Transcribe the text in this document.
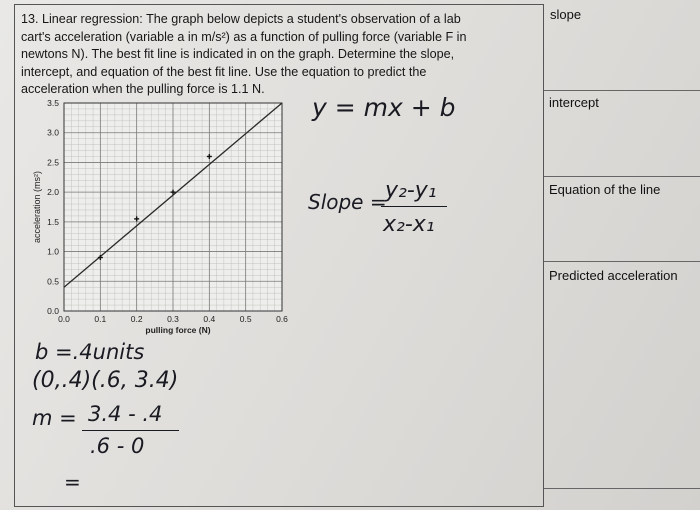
13. Linear regression: The graph below depicts a student's observation of a lab
cart's acceleration (variable a in m/s²) as a function of pulling force (variable F in
newtons N). The best fit line is indicated in on the graph. Determine the slope,
intercept, and equation of the best fit line. Use the equation to predict the
acceleration when the pulling force is 1.1 N.
slope
intercept
Equation of the line
Predicted acceleration
0.0	0.1	0.2	0.3	0.4	0.5	0.6
0.0
0.5
1.0
1.5
2.0
2.5
3.0
3.5
pulling force (N)
acceleration (ms²)
y = mx + b
Slope =
y₂-y₁
x₂-x₁
b =.4units
(0,.4)(.6, 3.4)
m = 3.4 - .4
.6 - 0
=
